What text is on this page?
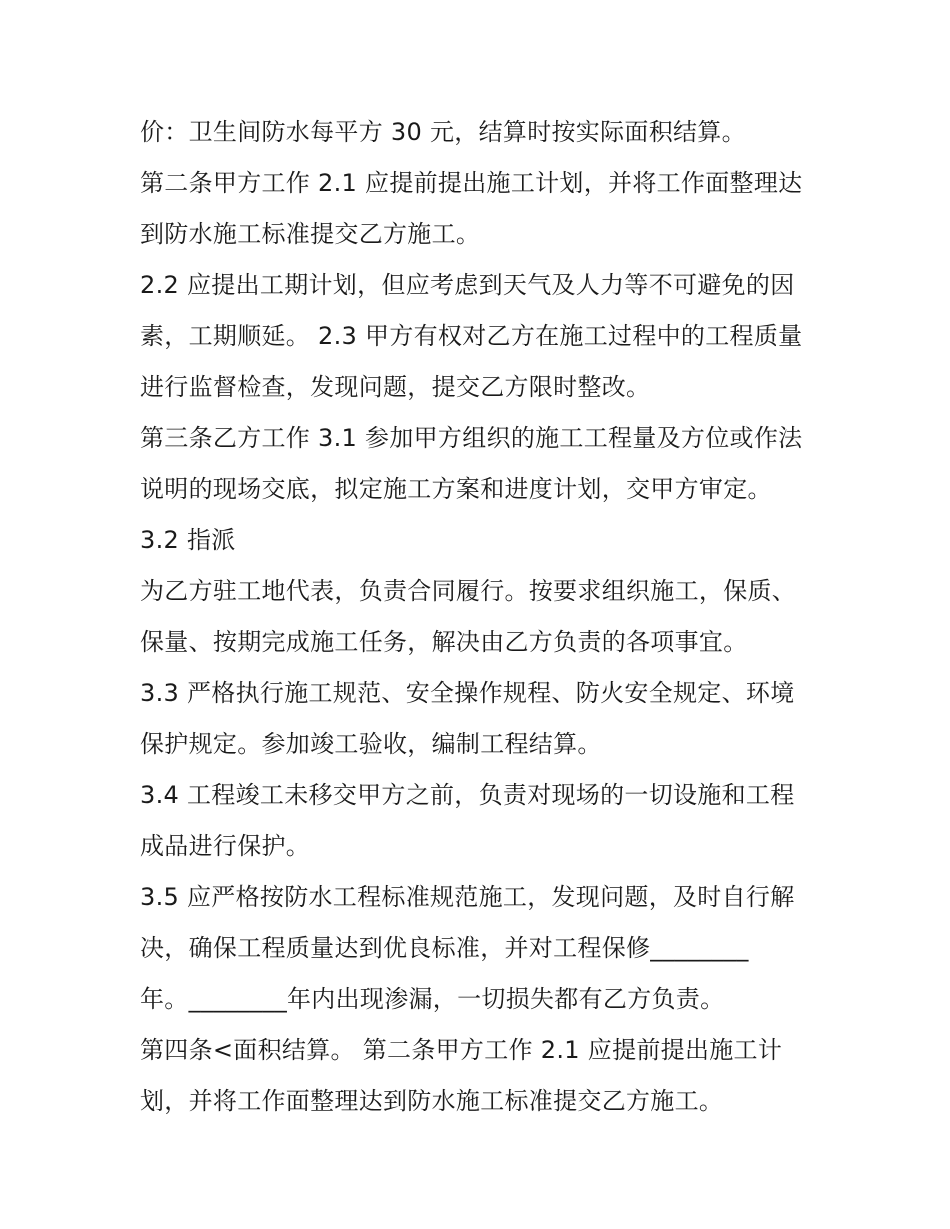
价：卫生间防水每平方 30 元，结算时按实际面积结算。
第二条甲方工作 2.1 应提前提出施工计划，并将工作面整理达
到防水施工标准提交乙方施工。
2.2 应提出工期计划，但应考虑到天气及人力等不可避免的因
素，工期顺延。 2.3 甲方有权对乙方在施工过程中的工程质量
进行监督检查，发现问题，提交乙方限时整改。
第三条乙方工作 3.1 参加甲方组织的施工工程量及方位或作法
说明的现场交底，拟定施工方案和进度计划，交甲方审定。
3.2 指派
为乙方驻工地代表，负责合同履行。按要求组织施工，保质、
保量、按期完成施工任务，解决由乙方负责的各项事宜。
3.3 严格执行施工规范、安全操作规程、防火安全规定、环境
保护规定。参加竣工验收，编制工程结算。
3.4 工程竣工未移交甲方之前，负责对现场的一切设施和工程
成品进行保护。
3.5 应严格按防水工程标准规范施工，发现问题，及时自行解
决，确保工程质量达到优良标准，并对工程保修________
年。________年内出现渗漏，一切损失都有乙方负责。
第四条<面积结算。 第二条甲方工作 2.1 应提前提出施工计
划，并将工作面整理达到防水施工标准提交乙方施工。
